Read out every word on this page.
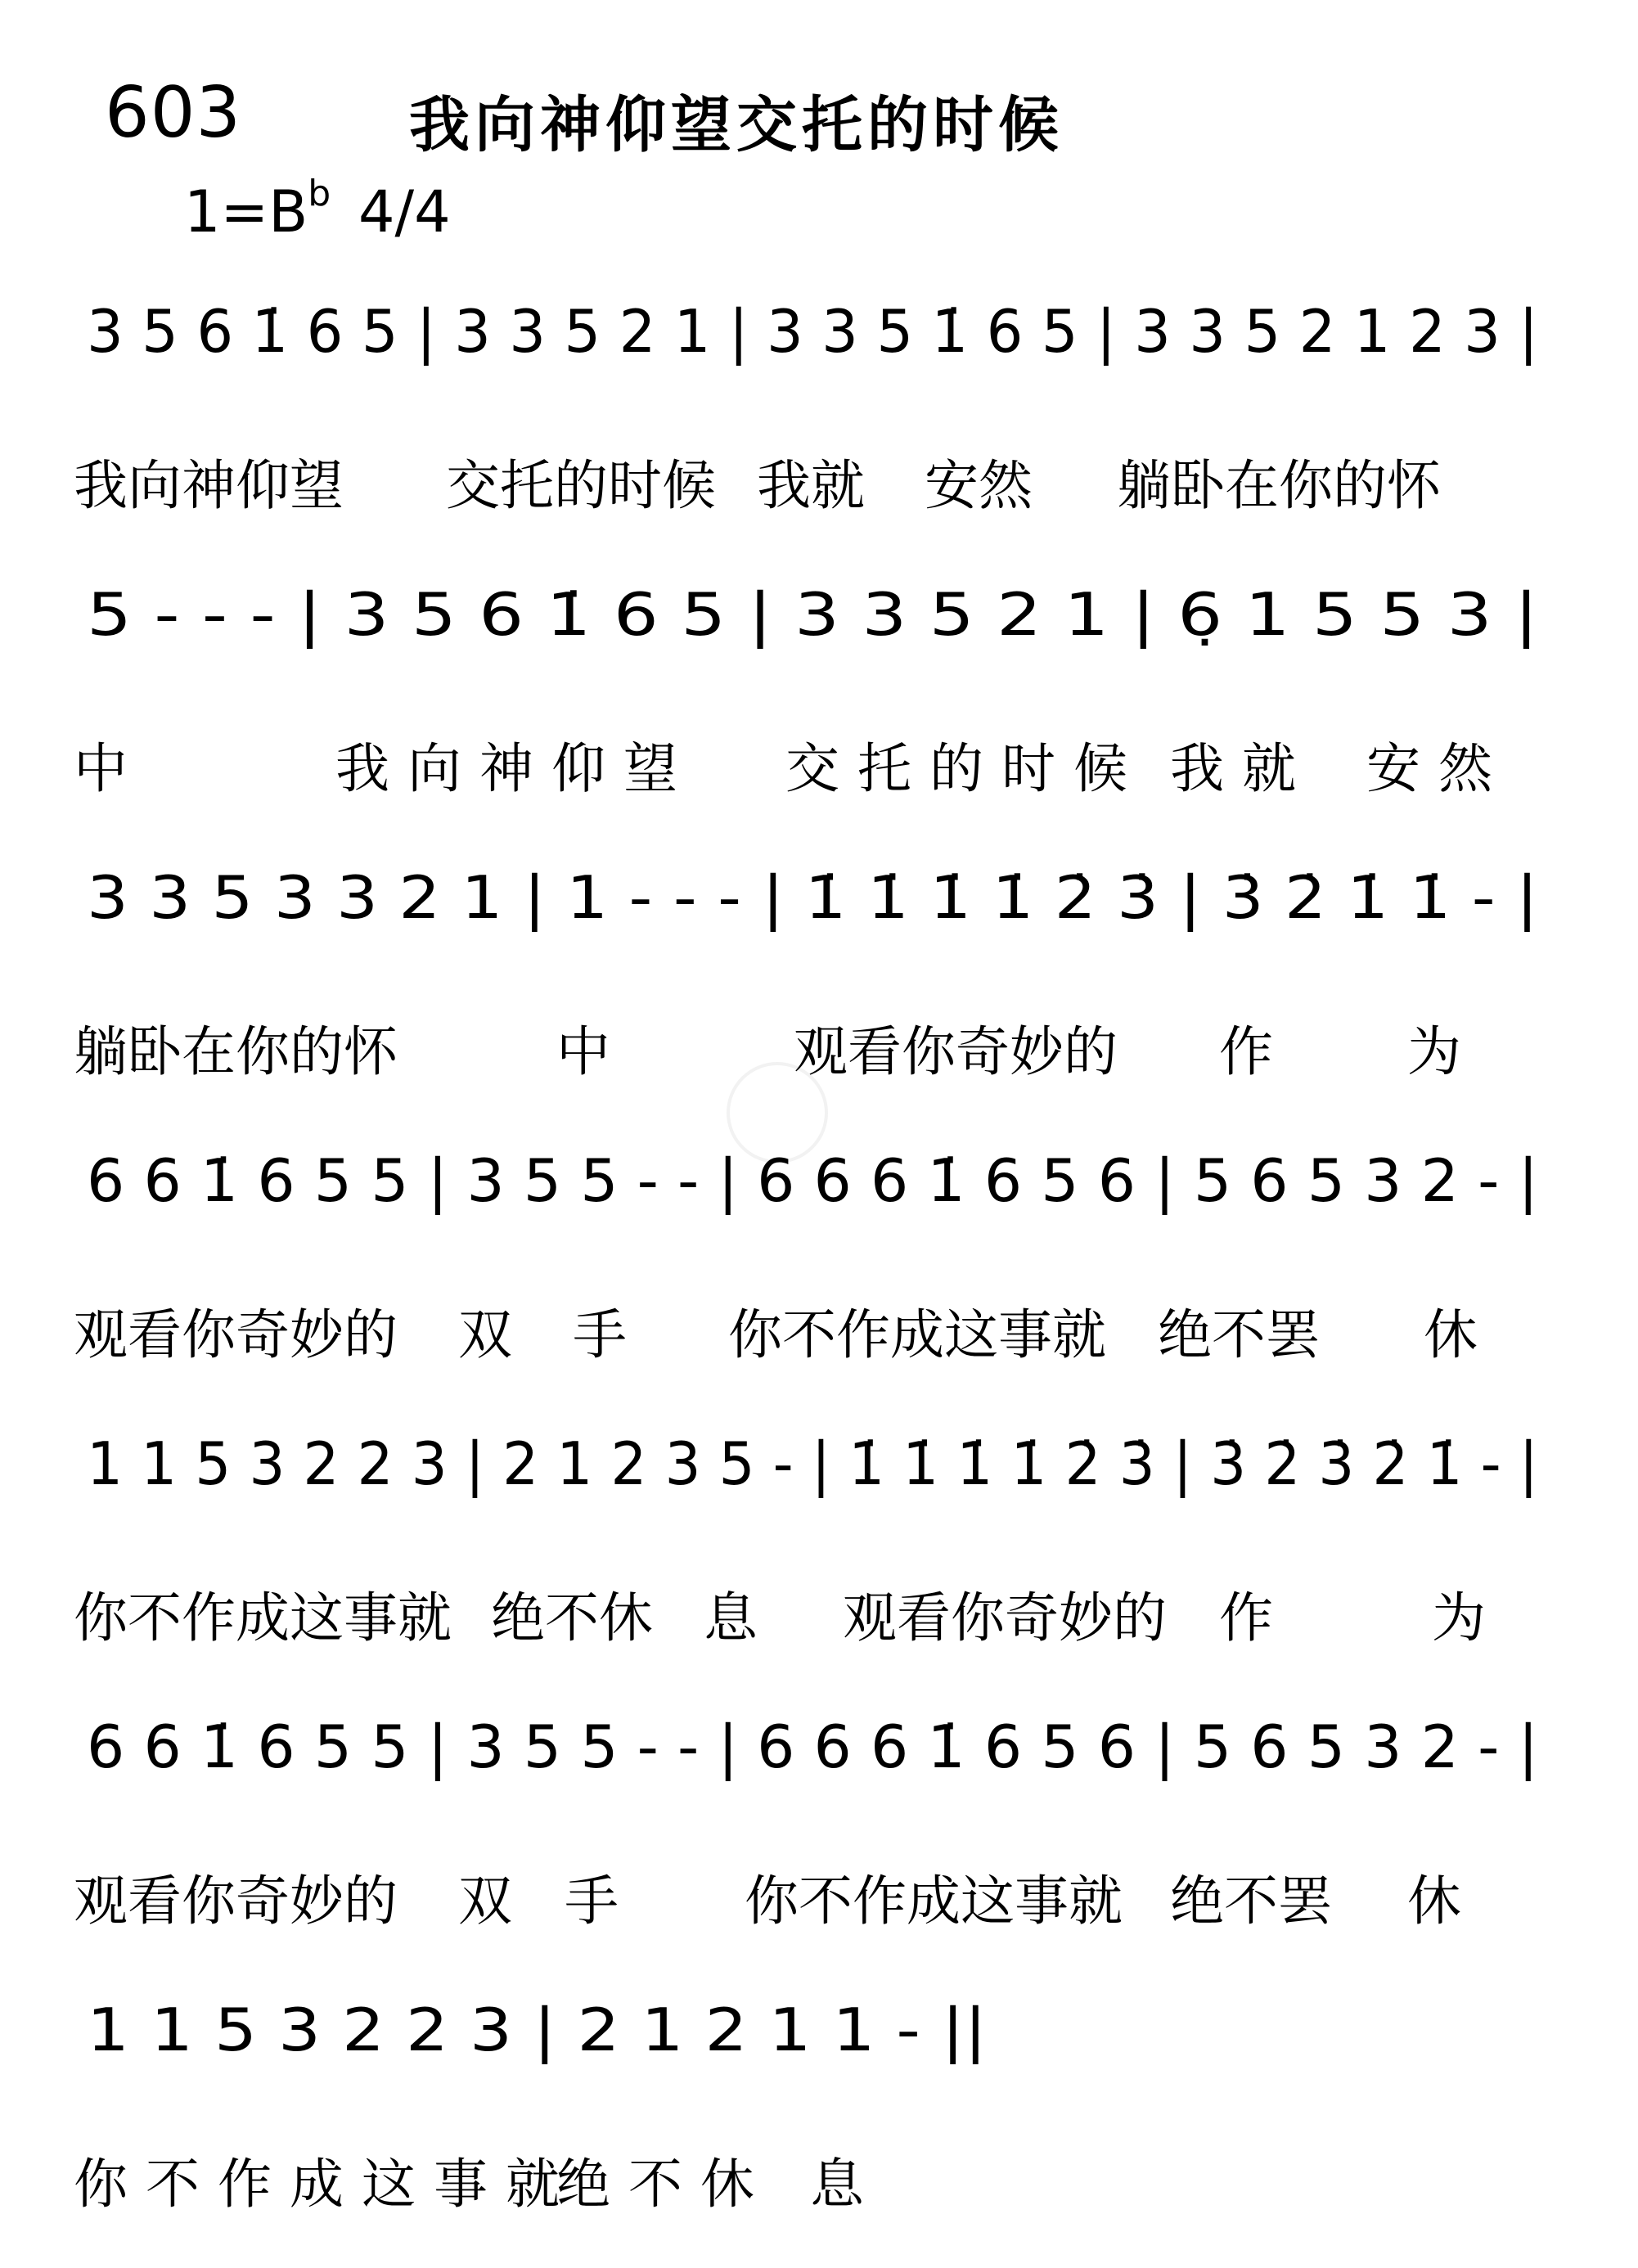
603	我向神仰望交托的时候
$1=B^b$ 4/4
3 5 6 1̇ 6 5 | 3 3 5 2 1 | 3 3 5 1̇ 6 5 | 3 3 5 2 1 2 3 |
5 - - - | 3 5 6 1̇ 6 5 | 3 3 5 2 1 | 6̣ 1 5 5 3 |
3 3 5 3 3 2 1 | 1 - - - | 1̇ 1̇ 1̇ 1̇ 2̇ 3̇ | 3̇ 2̇ 1̇ 1̇ - |
6 6 1̇ 6 5 5 | 3 5 5 - - | 6 6 6 1̇ 6 5 6 | 5 6 5 3 2 - |
1 1 5 3 2 2 3 | 2 1 2 3 5 - | 1̇ 1̇ 1̇ 1̇ 2̇ 3̇ | 3̇ 2̇ 3̇ 2̇ 1̇ - |
6 6 1̇ 6 5 5 | 3 5 5 - - | 6 6 6 1̇ 6 5 6 | 5 6 5 3 2 - |
1 1 5 3 2 2 3 | 2 1 2 1 1 - ||
我向神仰望 交托的时候 我就 安然 躺卧在你的怀
中	我向神仰望 交托的时候 我就 安然
躺卧在你的怀	中	观看你奇妙的 作 为
观看你奇妙的 双 手 你不作成这事就 绝不罢 休
你不作成这事就 绝不休 息 观看你奇妙的 作	为
观看你奇妙的 双 手 你不作成这事就 绝不罢 休
你不作成这事就
绝不休 息
